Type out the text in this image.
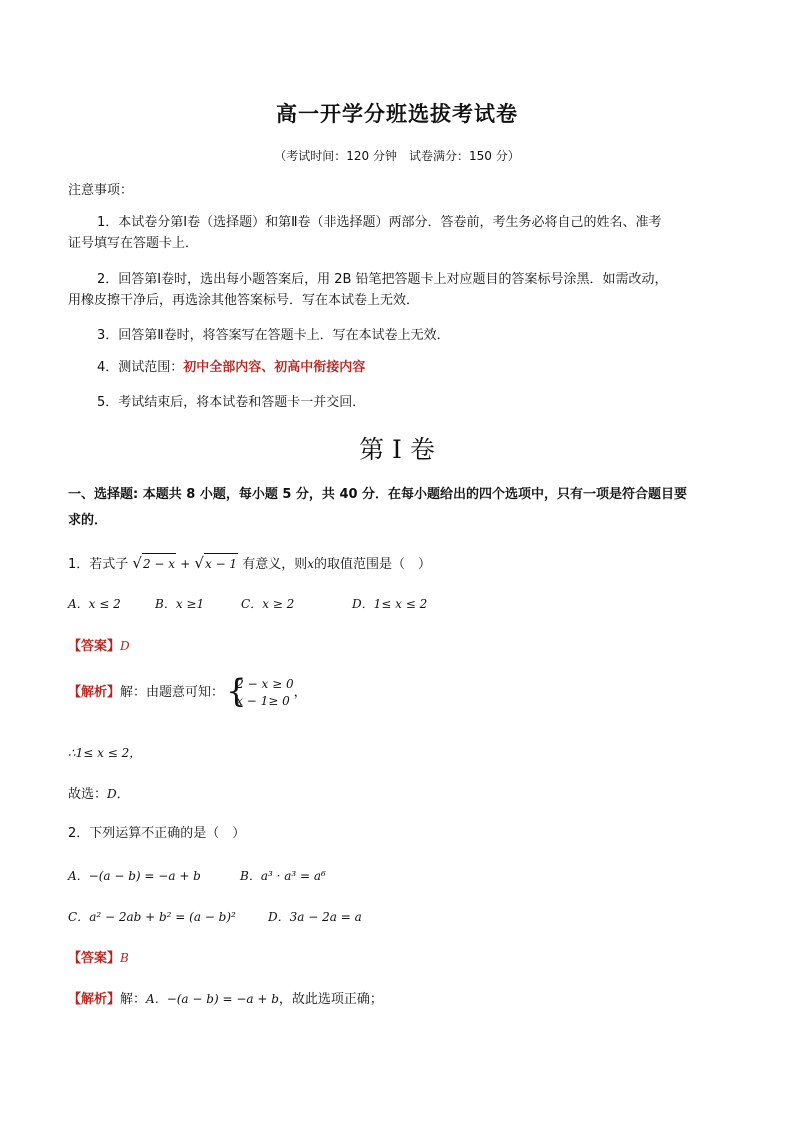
高一开学分班选拔考试卷
（考试时间：120 分钟　试卷满分：150 分）
注意事项：
1．本试卷分第Ⅰ卷（选择题）和第Ⅱ卷（非选择题）两部分．答卷前，考生务必将自己的姓名、准考
证号填写在答题卡上．
2．回答第Ⅰ卷时，选出每小题答案后，用 2B 铅笔把答题卡上对应题目的答案标号涂黑．如需改动，
用橡皮擦干净后，再选涂其他答案标号．写在本试卷上无效．
3．回答第Ⅱ卷时，将答案写在答题卡上．写在本试卷上无效．
4．测试范围：初中全部内容、初高中衔接内容
5．考试结束后，将本试卷和答题卡一并交回．
第 I 卷
一、选择题: 本题共 8 小题，每小题 5 分，共 40 分．在每小题给出的四个选项中，只有一项是符合题目要
求的．
1．若式子 √2 − x + √x − 1 有意义，则x的取值范围是（　）
A．x ≤ 2	B．x ≥1	C．x ≥ 2	D．1≤ x ≤ 2
【答案】D
【解析】解：由题意可知： {
2 − x ≥ 0
x − 1≥ 0
，
∴1≤ x ≤ 2，
故选：D．
2．下列运算不正确的是（　）
A．−(a − b) = −a + b	B．a³ · a³ = a⁶
C．a² − 2ab + b² = (a − b)²	D．3a − 2a = a
【答案】B
【解析】解：A．−(a − b) = −a + b，故此选项正确；
